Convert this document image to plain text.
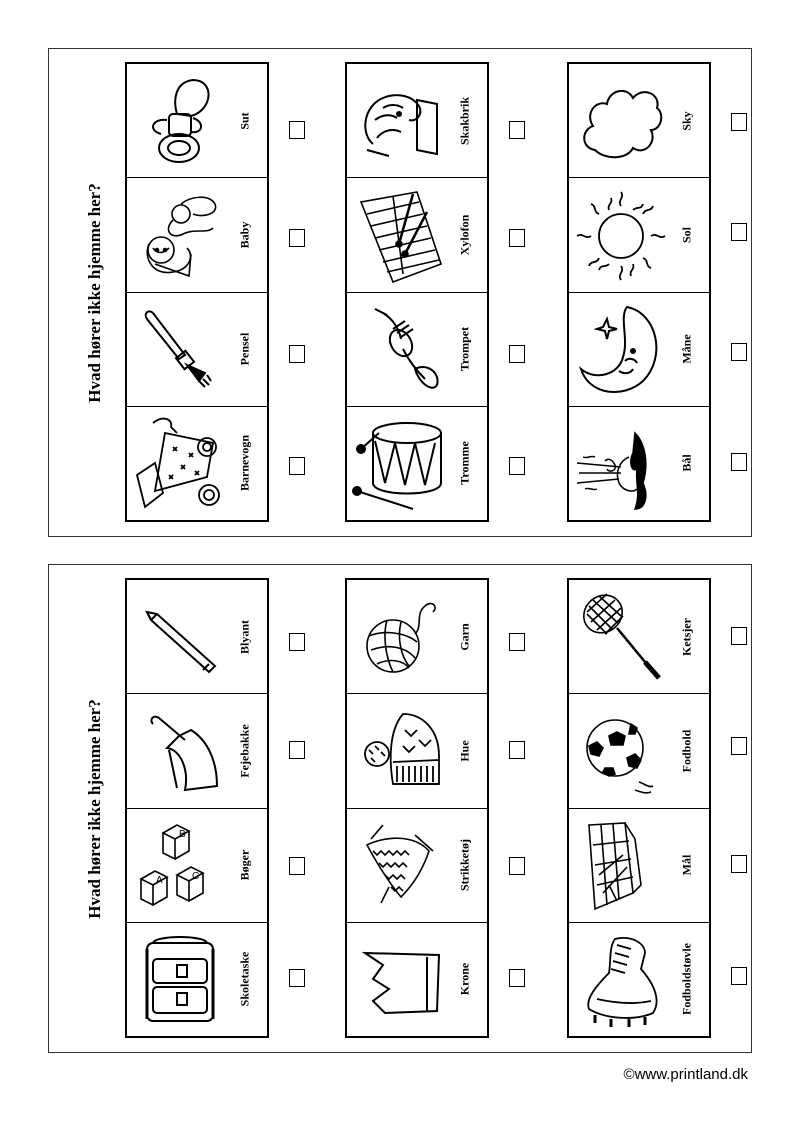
Hvad hører ikke hjemme her?
Sut
Baby
Pensel
Barnevogn
Skakbrik
Xylofon
Trompet
Tromme
Sky
Sol
Måne
Bål
Hvad hører ikke hjemme her?
Blyant
Fejebakke
B
A	C	Bøger
Skoletaske
Garn
Hue
Strikketøj
Krone
Ketsjer
Fodbold
Mål
Fodboldstøvle
©www.printland.dk
